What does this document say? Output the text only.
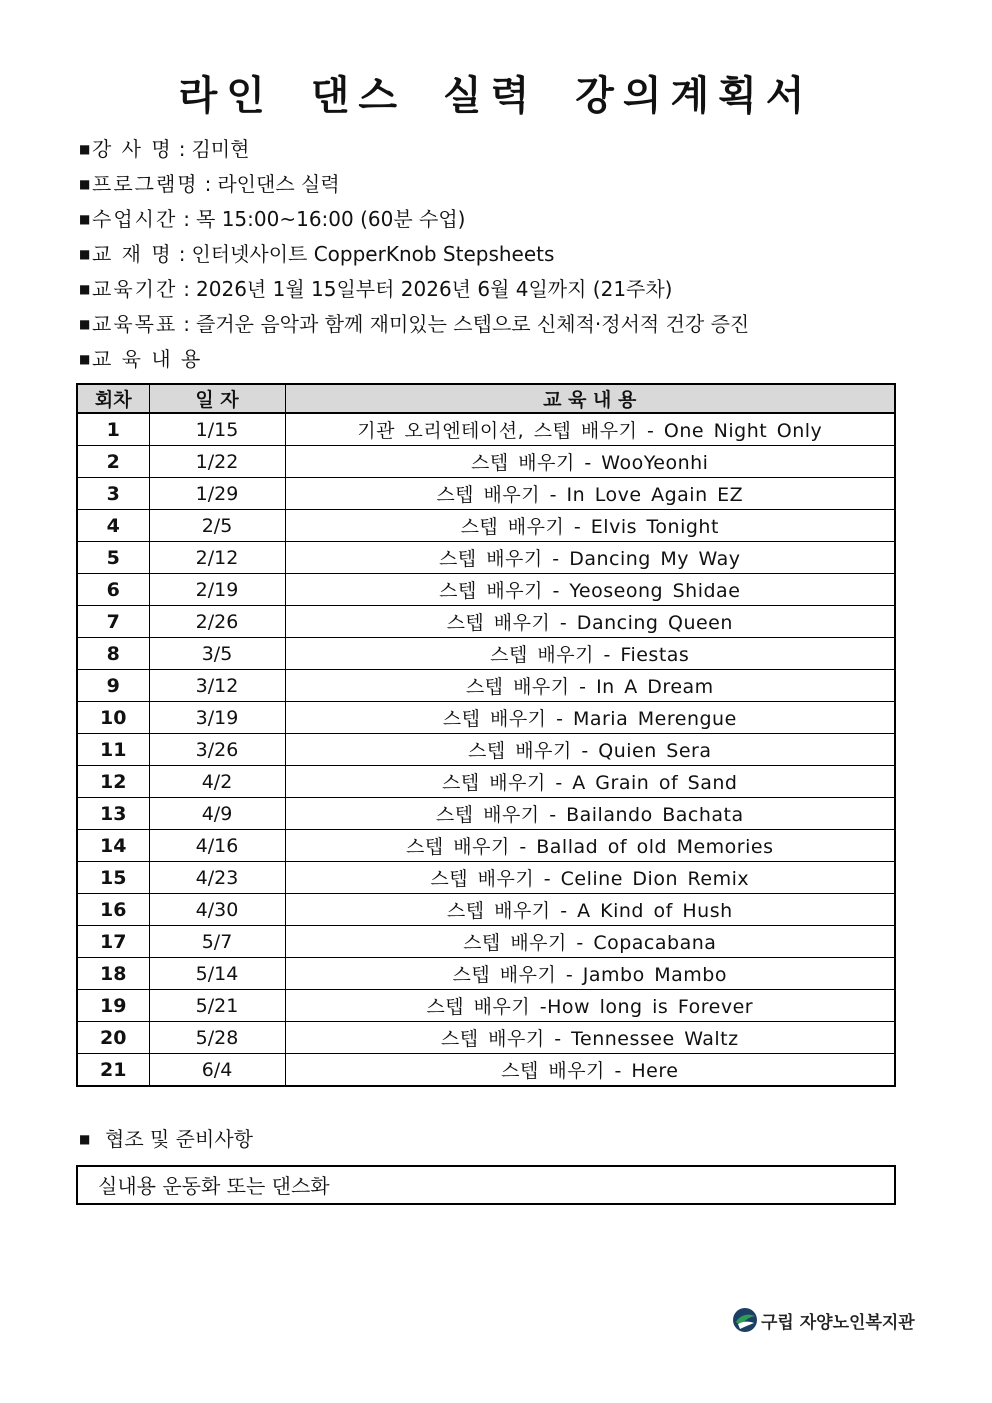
라인 댄스 실력 강의계획서
■강 사 명 : 김미현
■프로그램명 : 라인댄스 실력
■수업시간 : 목 15:00~16:00 (60분 수업)
■교 재 명 : 인터넷사이트 CopperKnob Stepsheets
■교육기간 : 2026년 1월 15일부터 2026년 6월 4일까지 (21주차)
■교육목표 : 즐거운 음악과 함께 재미있는 스텝으로 신체적·정서적 건강 증진
■교 육 내 용
회차	일 자	교 육 내 용
1	1/15	기관 오리엔테이션, 스텝 배우기 - One Night Only
2	1/22	스텝 배우기 - WooYeonhi
3	1/29	스텝 배우기 - In Love Again EZ
4	2/5	스텝 배우기 - Elvis Tonight
5	2/12	스텝 배우기 - Dancing My Way
6	2/19	스텝 배우기 - Yeoseong Shidae
7	2/26	스텝 배우기 - Dancing Queen
8	3/5	스텝 배우기 - Fiestas
9	3/12	스텝 배우기 - In A Dream
10	3/19	스텝 배우기 - Maria Merengue
11	3/26	스텝 배우기 - Quien Sera
12	4/2	스텝 배우기 - A Grain of Sand
13	4/9	스텝 배우기 - Bailando Bachata
14	4/16	스텝 배우기 - Ballad of old Memories
15	4/23	스텝 배우기 - Celine Dion Remix
16	4/30	스텝 배우기 - A Kind of Hush
17	5/7	스텝 배우기 - Copacabana
18	5/14	스텝 배우기 - Jambo Mambo
19	5/21	스텝 배우기 -How long is Forever
20	5/28	스텝 배우기 - Tennessee Waltz
21	6/4	스텝 배우기 - Here
■ 협조 및 준비사항
실내용 운동화 또는 댄스화
구립 자양노인복지관
